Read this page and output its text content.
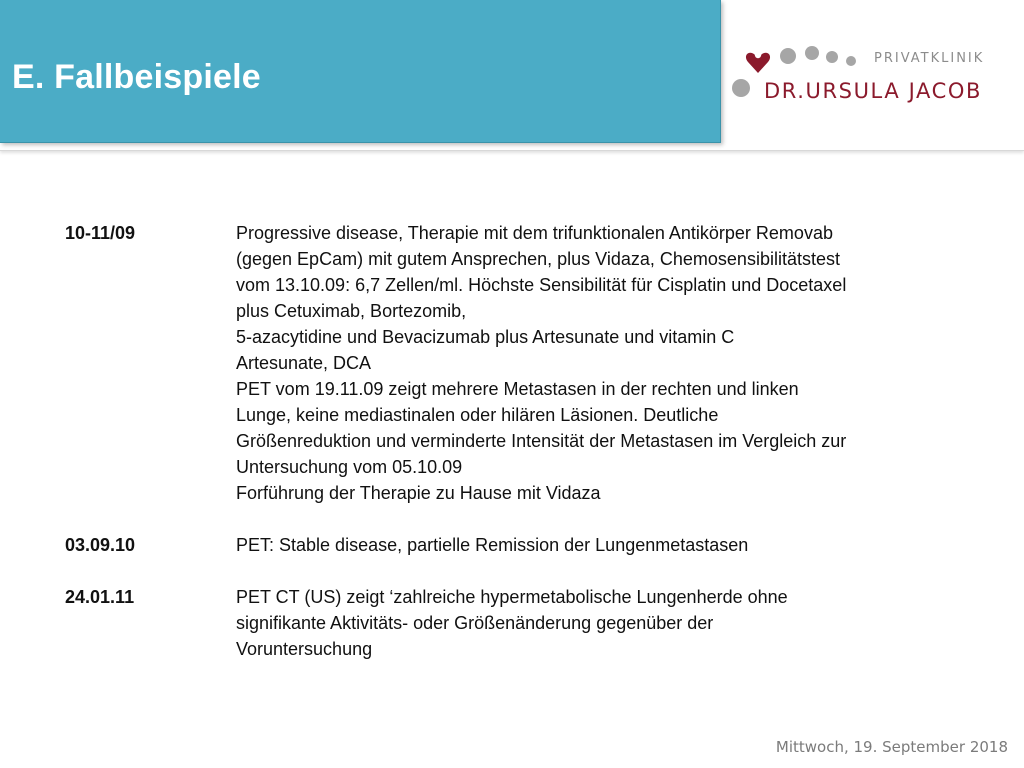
E. Fallbeispiele	PRIVATKLINIK
DR.URSULA JACOB
10-11/09	Progressive disease, Therapie mit dem trifunktionalen Antikörper Removab
(gegen EpCam) mit gutem Ansprechen, plus Vidaza, Chemosensibilitätstest
vom 13.10.09: 6,7 Zellen/ml. Höchste Sensibilität für Cisplatin und Docetaxel
plus Cetuximab, Bortezomib,
5-azacytidine und Bevacizumab plus Artesunate und vitamin C
Artesunate, DCA
PET vom 19.11.09 zeigt mehrere Metastasen in der rechten und linken
Lunge, keine mediastinalen oder hilären Läsionen. Deutliche
Größenreduktion und verminderte Intensität der Metastasen im Vergleich zur
Untersuchung vom 05.10.09
Forführung der Therapie zu Hause mit Vidaza
03.09.10	PET: Stable disease, partielle Remission der Lungenmetastasen
24.01.11	PET CT (US) zeigt ‘zahlreiche hypermetabolische Lungenherde ohne
signifikante Aktivitäts- oder Größenänderung gegenüber der
Voruntersuchung
Mittwoch, 19. September 2018
